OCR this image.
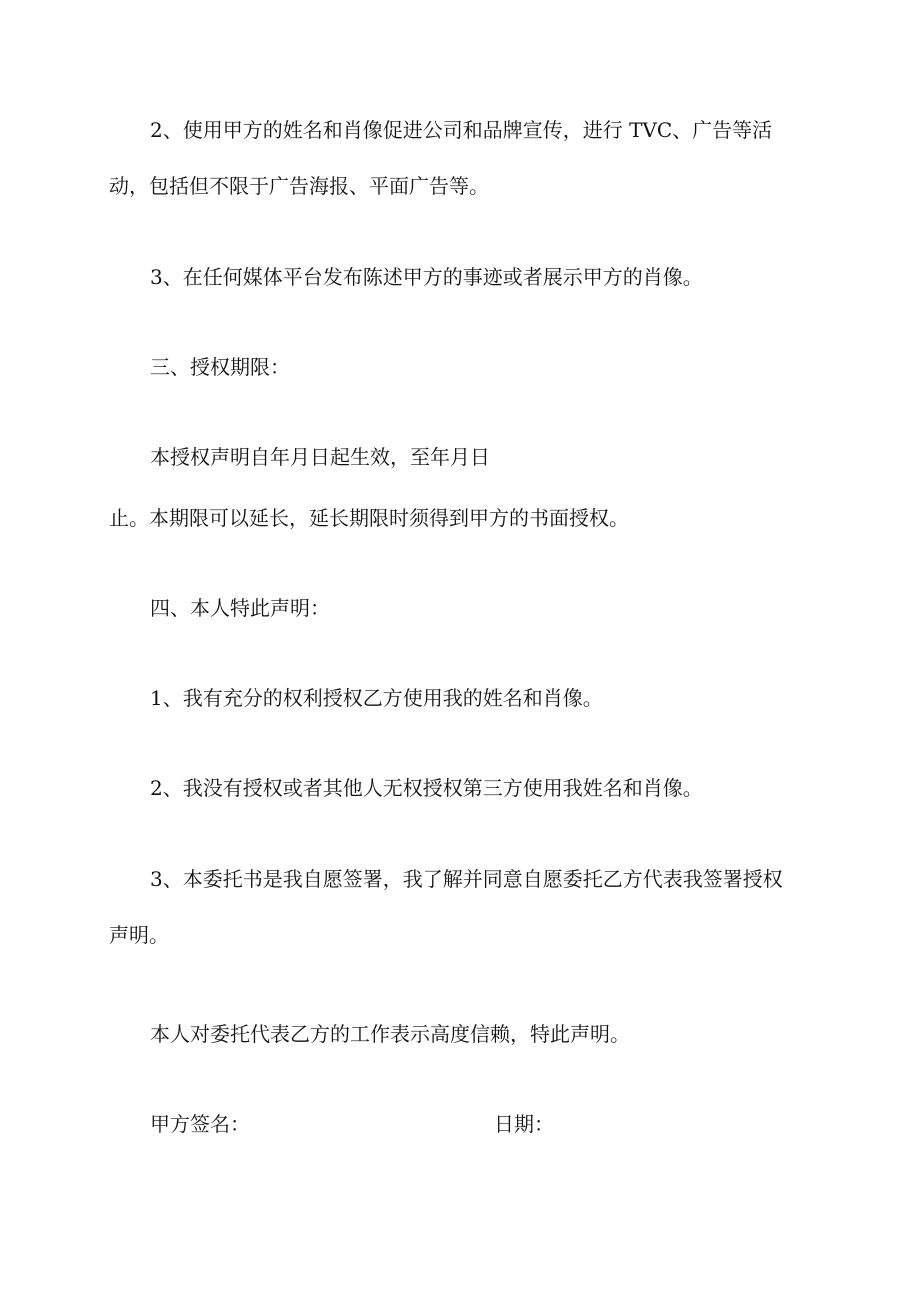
2、使用甲方的姓名和肖像促进公司和品牌宣传，进行 TVC、广告等活
动，包括但不限于广告海报、平面广告等。
3、在任何媒体平台发布陈述甲方的事迹或者展示甲方的肖像。
三、授权期限：
本授权声明自年月日起生效，至年月日
止。本期限可以延长，延长期限时须得到甲方的书面授权。
四、本人特此声明：
1、我有充分的权利授权乙方使用我的姓名和肖像。
2、我没有授权或者其他人无权授权第三方使用我姓名和肖像。
3、本委托书是我自愿签署，我了解并同意自愿委托乙方代表我签署授权
声明。
本人对委托代表乙方的工作表示高度信赖，特此声明。
甲方签名：	日期：
